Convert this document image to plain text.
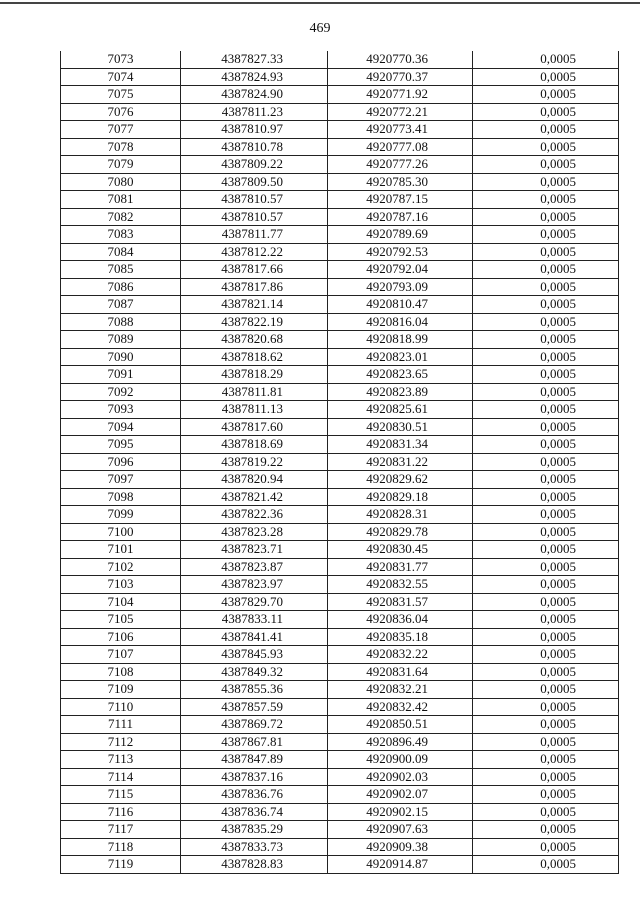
469
7073	4387827.33	4920770.36	0,0005
7074	4387824.93	4920770.37	0,0005
7075	4387824.90	4920771.92	0,0005
7076	4387811.23	4920772.21	0,0005
7077	4387810.97	4920773.41	0,0005
7078	4387810.78	4920777.08	0,0005
7079	4387809.22	4920777.26	0,0005
7080	4387809.50	4920785.30	0,0005
7081	4387810.57	4920787.15	0,0005
7082	4387810.57	4920787.16	0,0005
7083	4387811.77	4920789.69	0,0005
7084	4387812.22	4920792.53	0,0005
7085	4387817.66	4920792.04	0,0005
7086	4387817.86	4920793.09	0,0005
7087	4387821.14	4920810.47	0,0005
7088	4387822.19	4920816.04	0,0005
7089	4387820.68	4920818.99	0,0005
7090	4387818.62	4920823.01	0,0005
7091	4387818.29	4920823.65	0,0005
7092	4387811.81	4920823.89	0,0005
7093	4387811.13	4920825.61	0,0005
7094	4387817.60	4920830.51	0,0005
7095	4387818.69	4920831.34	0,0005
7096	4387819.22	4920831.22	0,0005
7097	4387820.94	4920829.62	0,0005
7098	4387821.42	4920829.18	0,0005
7099	4387822.36	4920828.31	0,0005
7100	4387823.28	4920829.78	0,0005
7101	4387823.71	4920830.45	0,0005
7102	4387823.87	4920831.77	0,0005
7103	4387823.97	4920832.55	0,0005
7104	4387829.70	4920831.57	0,0005
7105	4387833.11	4920836.04	0,0005
7106	4387841.41	4920835.18	0,0005
7107	4387845.93	4920832.22	0,0005
7108	4387849.32	4920831.64	0,0005
7109	4387855.36	4920832.21	0,0005
7110	4387857.59	4920832.42	0,0005
7111	4387869.72	4920850.51	0,0005
7112	4387867.81	4920896.49	0,0005
7113	4387847.89	4920900.09	0,0005
7114	4387837.16	4920902.03	0,0005
7115	4387836.76	4920902.07	0,0005
7116	4387836.74	4920902.15	0,0005
7117	4387835.29	4920907.63	0,0005
7118	4387833.73	4920909.38	0,0005
7119	4387828.83	4920914.87	0,0005
